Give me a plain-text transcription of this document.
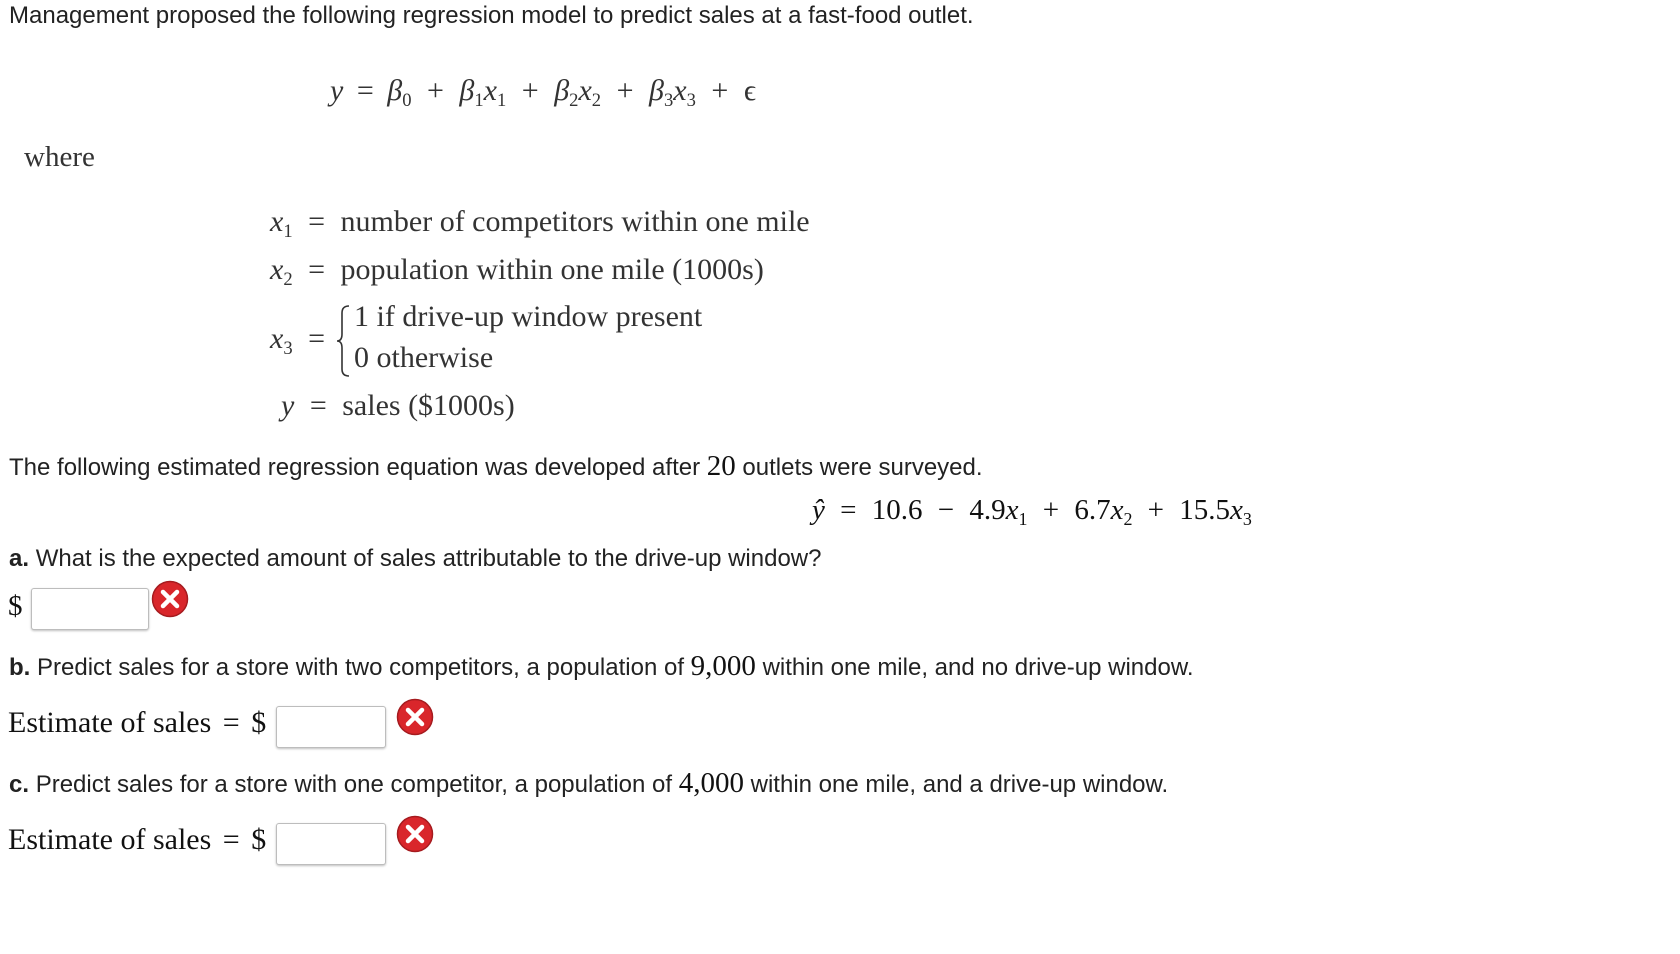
Management proposed the following regression model to predict sales at a fast-food outlet.
$y = \beta_0 + \beta_1x_1 + \beta_2x_2 + \beta_3x_3 + \epsilon$
where
$x_1$ = number of competitors within one mile
$x_2$ = population within one mile (1000s)
$x_3$ =
1 if drive-up window present
0 otherwise
y = sales ($1000s)
The following estimated regression equation was developed after 20 outlets were surveyed.
ŷ = $10.6 - 4.9x_1 + 6.7x_2 + 15.5x_3$
a. What is the expected amount of sales attributable to the drive-up window?
$
b. Predict sales for a store with two competitors, a population of 9,000 within one mile, and no drive-up window.
Estimate of sales = $
c. Predict sales for a store with one competitor, a population of 4,000 within one mile, and a drive-up window.
Estimate of sales = $
